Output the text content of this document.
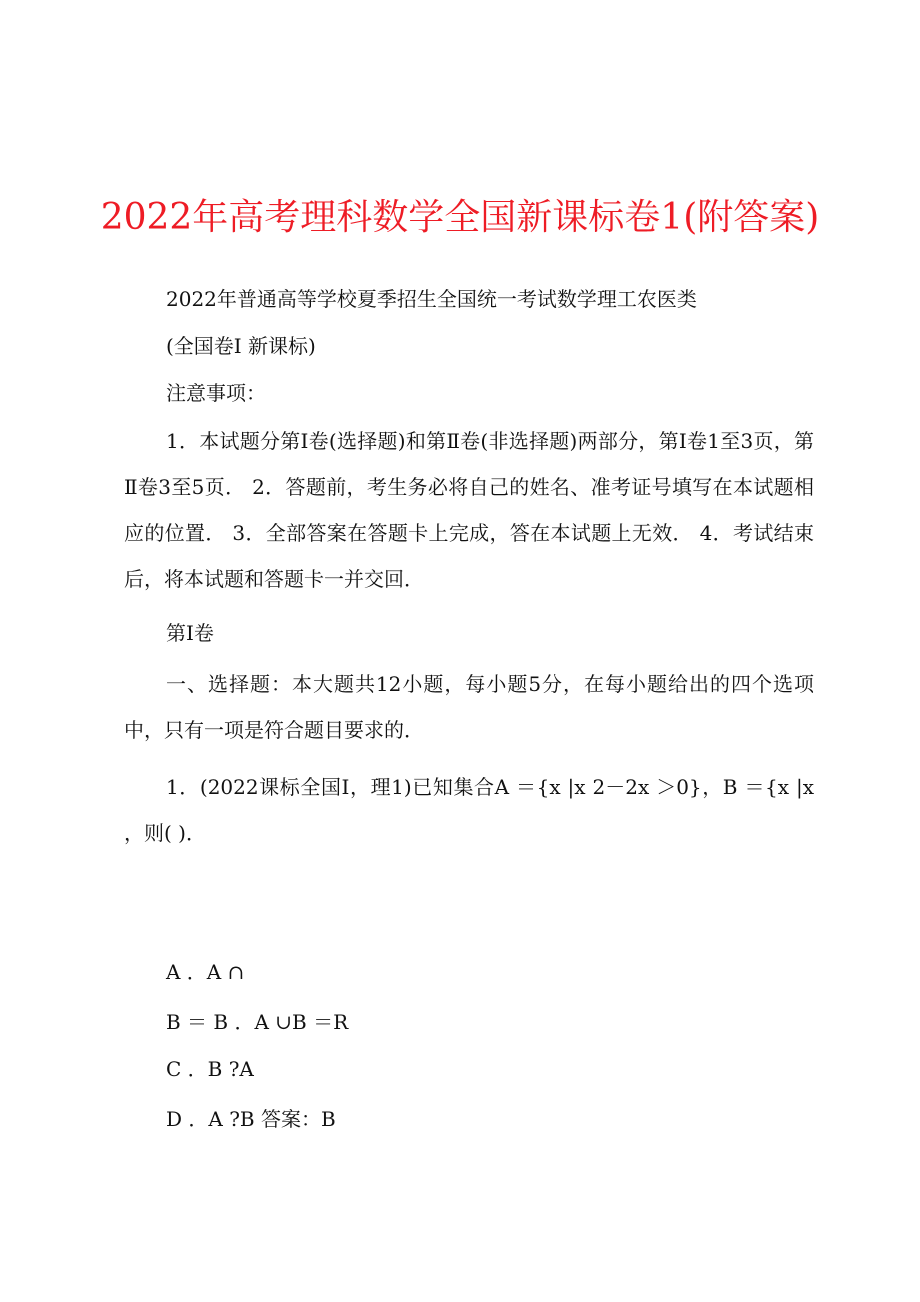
2022年高考理科数学全国新课标卷1(附答案)

2022年普通高等学校夏季招生全国统一考试数学理工农医类

(全国卷Ⅰ 新课标)

注意事项：

1．本试题分第Ⅰ卷(选择题)和第Ⅱ卷(非选择题)两部分，第Ⅰ卷1至3页，第Ⅱ卷3至5页． 2．答题前，考生务必将自己的姓名、准考证号填写在本试题相应的位置． 3．全部答案在答题卡上完成，答在本试题上无效． 4．考试结束后，将本试题和答题卡一并交回．

第Ⅰ卷

一、选择题：本大题共12小题，每小题5分，在每小题给出的四个选项中，只有一项是符合题目要求的．

1．(2022课标全国Ⅰ，理1)已知集合A ＝{x |x 2－2x ＞0}，B ＝{x |x ，则( )．

A ．A ∩

B ＝ B ．A ∪B ＝R

C ．B ?A

D ．A ?B 答案：B
